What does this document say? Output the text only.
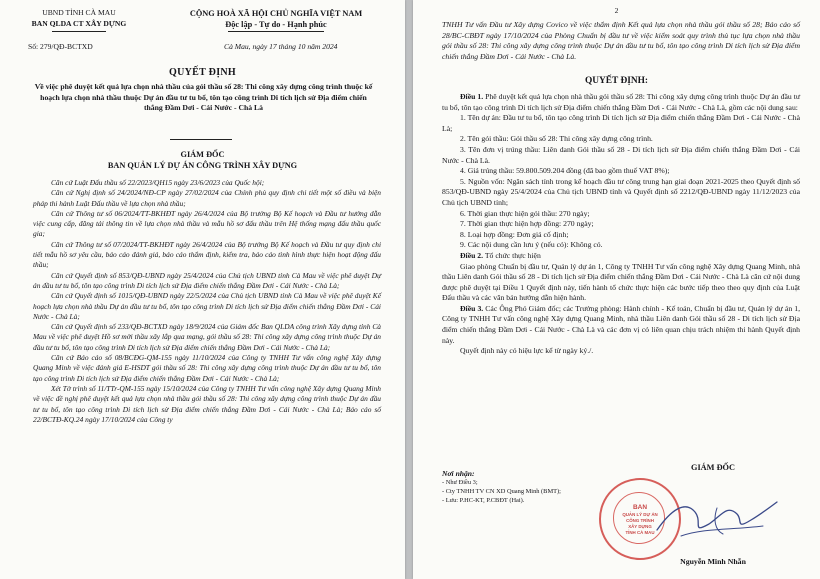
UBND TỈNH CÀ MAU
BAN QLDA CT XÂY DỰNG
Số: 279/QĐ-BCTXD
CỘNG HOÀ XÃ HỘI CHỦ NGHĨA VIỆT NAM
Độc lập - Tự do - Hạnh phúc
Cà Mau, ngày 17 tháng 10 năm 2024
QUYẾT ĐỊNH
Về việc phê duyệt kết quả lựa chọn nhà thầu của gói thầu số 28: Thi công xây dựng công trình thuộc kế hoạch lựa chọn nhà thầu thuộc Dự án đầu tư tu bổ, tôn tạo công trình Di tích lịch sử Địa điểm chiến thắng Đầm Dơi - Cái Nước - Chà Là
GIÁM ĐỐC
BAN QUẢN LÝ DỰ ÁN CÔNG TRÌNH XÂY DỰNG

Căn cứ Luật Đấu thầu số 22/2023/QH15 ngày 23/6/2023 của Quốc hội;

Căn cứ Nghị định số 24/2024/NĐ-CP ngày 27/02/2024 của Chính phủ quy định chi tiết một số điều và biện pháp thi hành Luật Đấu thầu về lựa chọn nhà thầu;

Căn cứ Thông tư số 06/2024/TT-BKHĐT ngày 26/4/2024 của Bộ trưởng Bộ Kế hoạch và Đầu tư hướng dẫn việc cung cấp, đăng tải thông tin về lựa chọn nhà thầu và mẫu hồ sơ đấu thầu trên Hệ thống mạng đấu thầu quốc gia;

Căn cứ Thông tư số 07/2024/TT-BKHĐT ngày 26/4/2024 của Bộ trưởng Bộ Kế hoạch và Đầu tư quy định chi tiết mẫu hồ sơ yêu cầu, báo cáo đánh giá, báo cáo thẩm định, kiểm tra, báo cáo tình hình thực hiện hoạt động đấu thầu;

Căn cứ Quyết định số 853/QĐ-UBND ngày 25/4/2024 của Chủ tịch UBND tỉnh Cà Mau về việc phê duyệt Dự án đầu tư tu bổ, tôn tạo công trình Di tích lịch sử Địa điểm chiến thắng Đầm Dơi - Cái Nước - Chà Là;

Căn cứ Quyết định số 1015/QĐ-UBND ngày 22/5/2024 của Chủ tịch UBND tỉnh Cà Mau về việc phê duyệt Kế hoạch lựa chọn nhà thầu Dự án đầu tư tu bổ, tôn tạo công trình Di tích lịch sử Địa điểm chiến thắng Đầm Dơi - Cái Nước - Chà Là;

Căn cứ Quyết định số 233/QĐ-BCTXD ngày 18/9/2024 của Giám đốc Ban QLDA công trình Xây dựng tỉnh Cà Mau về việc phê duyệt Hồ sơ mời thầu xây lắp qua mạng, gói thầu số 28: Thi công xây dựng công trình thuộc Dự án đầu tư tu bổ, tôn tạo công trình Di tích lịch sử Địa điểm chiến thắng Đầm Dơi - Cái Nước - Chà Là;

Căn cứ Báo cáo số 08/BCĐG-QM-155 ngày 11/10/2024 của Công ty TNHH Tư vấn công nghệ Xây dựng Quang Minh về việc đánh giá E-HSDT gói thầu số 28: Thi công xây dựng công trình thuộc Dự án đầu tư tu bổ, tôn tạo công trình Di tích lịch sử Địa điểm chiến thắng Đầm Dơi - Cái Nước - Chà Là;

Xét Tờ trình số 11/TTr-QM-155 ngày 15/10/2024 của Công ty TNHH Tư vấn công nghệ Xây dựng Quang Minh về việc đề nghị phê duyệt kết quả lựa chọn nhà thầu gói thầu số 28: Thi công xây dựng công trình thuộc Dự án đầu tư tu bổ, tôn tạo công trình Di tích lịch sử Địa điểm chiến thắng Đầm Dơi - Cái Nước - Chà Là; Báo cáo số 22/BCTĐ-KQ.24 ngày 17/10/2024 của Công ty

2

TNHH Tư vấn Đầu tư Xây dựng Covico về việc thẩm định Kết quả lựa chọn nhà thầu gói thầu số 28; Báo cáo số 28/BC-CBĐT ngày 17/10/2024 của Phòng Chuẩn bị đầu tư về việc kiểm soát quy trình thủ tục lựa chọn nhà thầu gói thầu số 28: Thi công xây dựng công trình thuộc Dự án đầu tư tu bổ, tôn tạo công trình Di tích lịch sử Địa điểm chiến thắng Đầm Dơi - Cái Nước - Chà Là.

QUYẾT ĐỊNH:

Điều 1. Phê duyệt kết quả lựa chọn nhà thầu gói thầu số 28: Thi công xây dựng công trình thuộc Dự án đầu tư tu bổ, tôn tạo công trình Di tích lịch sử Địa điểm chiến thắng Đầm Dơi - Cái Nước - Chà Là, gồm các nội dung sau:

1. Tên dự án: Đầu tư tu bổ, tôn tạo công trình Di tích lịch sử Địa điểm chiến thắng Đầm Dơi - Cái Nước - Chà Là;

2. Tên gói thầu: Gói thầu số 28: Thi công xây dựng công trình.

3. Tên đơn vị trúng thầu: Liên danh Gói thầu số 28 - Di tích lịch sử Địa điểm chiến thắng Đầm Dơi - Cái Nước - Chà Là.

4. Giá trúng thầu: 59.800.509.204 đồng (đã bao gồm thuế VAT 8%);

5. Nguồn vốn: Ngân sách tỉnh trong kế hoạch đầu tư công trung hạn giai đoạn 2021-2025 theo Quyết định số 853/QĐ-UBND ngày 25/4/2024 của Chủ tịch UBND tỉnh và Quyết định số 2212/QĐ-UBND ngày 11/12/2023 của Chủ tịch UBND tỉnh;

6. Thời gian thực hiện gói thầu: 270 ngày;

7. Thời gian thực hiện hợp đồng: 270 ngày;

8. Loại hợp đồng: Đơn giá cố định;

9. Các nội dung cần lưu ý (nếu có): Không có.

Điều 2. Tổ chức thực hiện

Giao phòng Chuẩn bị đầu tư, Quản lý dự án 1, Công ty TNHH Tư vấn công nghệ Xây dựng Quang Minh, nhà thầu Liên danh Gói thầu số 28 - Di tích lịch sử Địa điểm chiến thắng Đầm Dơi - Cái Nước - Chà Là căn cứ nội dung được phê duyệt tại Điều 1 Quyết định này, tiến hành tổ chức thực hiện các bước tiếp theo theo quy định của Luật Đấu thầu và các văn bản hướng dẫn hiện hành.

Điều 3. Các Ông Phó Giám đốc; các Trưởng phòng: Hành chính - Kế toán, Chuẩn bị đầu tư, Quản lý dự án 1, Công ty TNHH Tư vấn công nghệ Xây dựng Quang Minh, nhà thầu Liên danh Gói thầu số 28 - Di tích lịch sử Địa điểm chiến thắng Đầm Dơi - Cái Nước - Chà Là và các đơn vị có liên quan chịu trách nhiệm thi hành Quyết định này.

Quyết định này có hiệu lực kể từ ngày ký./.

Nơi nhận:
- Như Điều 3;
- Cty TNHH TV CN XD Quang Minh (BMT);
- Lưu: P.HC-KT, P.CBĐT (Hai).
GIÁM ĐỐC
BAN
QUẢN LÝ DỰ ÁN
CÔNG TRÌNH
XÂY DỰNG
TỈNH CÀ MAU
Nguyễn Minh Nhẫn
